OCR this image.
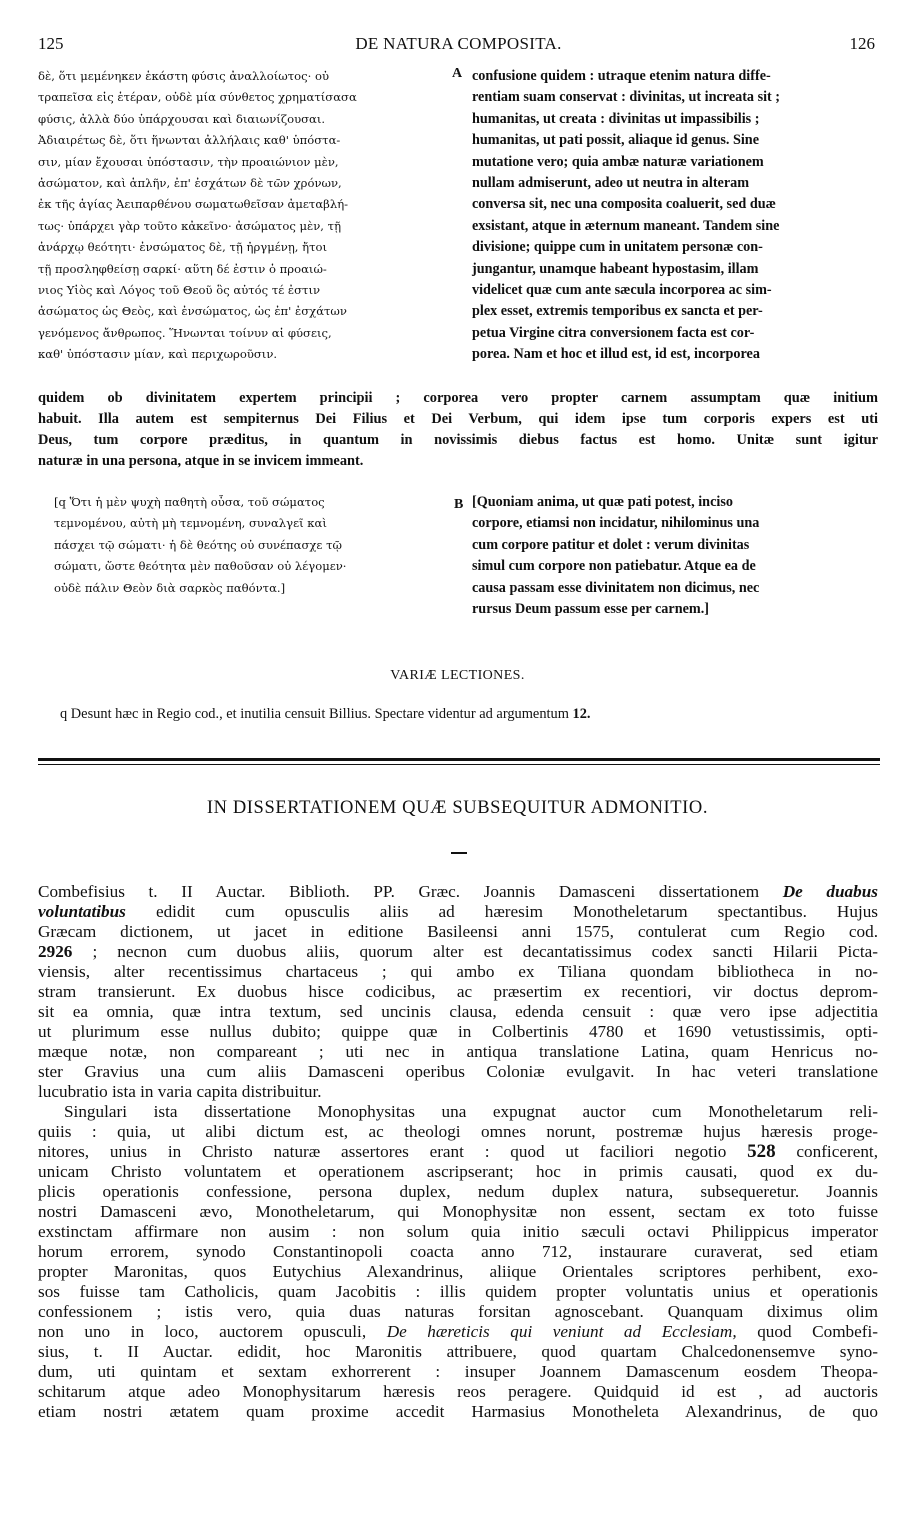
125	DE NATURA COMPOSITA.	126
δὲ, ὅτι μεμένηκεν ἑκάστη φύσις ἀναλλοίωτος· οὐ
τραπεῖσα εἰς ἑτέραν, οὐδὲ μία σύνθετος χρηματίσασα
φύσις, ἀλλὰ δύο ὑπάρχουσαι καὶ διαιωνίζουσαι.
Ἀδιαιρέτως δὲ, ὅτι ἥνωνται ἀλλήλαις καθ' ὑπόστα-
σιν, μίαν ἔχουσαι ὑπόστασιν, τὴν προαιώνιον μὲν,
ἀσώματον, καὶ ἁπλῆν, ἐπ' ἐσχάτων δὲ τῶν χρόνων,
ἐκ τῆς ἁγίας Ἀειπαρθένου σωματωθεῖσαν ἀμεταβλή-
τως· ὑπάρχει γὰρ τοῦτο κἀκεῖνο· ἀσώματος μὲν, τῇ
ἀνάρχῳ θεότητι· ἐνσώματος δὲ, τῇ ἠργμένῃ, ἤτοι
τῇ προσληφθείσῃ σαρκί· αὕτη δέ ἐστιν ὁ προαιώ-
νιος Υἱὸς καὶ Λόγος τοῦ Θεοῦ ὃς αὐτός τέ ἐστιν
ἀσώματος ὡς Θεὸς, καὶ ἐνσώματος, ὡς ἐπ' ἐσχάτων
γενόμενος ἄνθρωπος. Ἥνωνται τοίνυν αἱ φύσεις,
καθ' ὑπόστασιν μίαν, καὶ περιχωροῦσιν.
A confusione quidem : utraque etenim natura diffe-
rentiam suam conservat : divinitas, ut increata sit ;
humanitas, ut creata : divinitas ut impassibilis ;
humanitas, ut pati possit, aliaque id genus. Sine
mutatione vero; quia ambæ naturæ variationem
nullam admiserunt, adeo ut neutra in alteram
conversa sit, nec una composita coaluerit, sed duæ
exsistant, atque in æternum maneant. Tandem sine
divisione; quippe cum in unitatem personæ con-
jungantur, unamque habeant hypostasim, illam
videlicet quæ cum ante sæcula incorporea ac sim-
plex esset, extremis temporibus ex sancta et per-
petua Virgine citra conversionem facta est cor-
porea. Nam et hoc et illud est, id est, incorporea
quidem ob divinitatem expertem principii ; corporea vero propter carnem assumptam quæ initium
habuit. Illa autem est sempiternus Dei Filius et Dei Verbum, qui idem ipse tum corporis expers est uti
Deus, tum corpore præditus, in quantum in novissimis diebus factus est homo. Unitæ sunt igitur
naturæ in una persona, atque in se invicem immeant.
[q Ὅτι ἡ μὲν ψυχὴ παθητὴ οὖσα, τοῦ σώματος
τεμνομένου, αὐτὴ μὴ τεμνομένη, συναλγεῖ καὶ
πάσχει τῷ σώματι· ἡ δὲ θεότης οὐ συνέπασχε τῷ
σώματι, ὥστε θεότητα μὲν παθοῦσαν οὐ λέγομεν·
οὐδὲ πάλιν Θεὸν διὰ σαρκὸς παθόντα.]
B [Quoniam anima, ut quæ pati potest, inciso
corpore, etiamsi non incidatur, nihilominus una
cum corpore patitur et dolet : verum divinitas
simul cum corpore non patiebatur. Atque ea de
causa passam esse divinitatem non dicimus, nec
rursus Deum passum esse per carnem.]
VARIÆ LECTIONES.
q Desunt hæc in Regio cod., et inutilia censuit Billius. Spectare videntur ad argumentum 12.
IN DISSERTATIONEM QUÆ SUBSEQUITUR ADMONITIO.
Combefisius t. II Auctar. Biblioth. PP. Græc. Joannis Damasceni dissertationem De duabus
voluntatibus edidit cum opusculis aliis ad hæresim Monotheletarum spectantibus. Hujus
Græcam dictionem, ut jacet in editione Basileensi anni 1575, contulerat cum Regio cod.
2926 ; necnon cum duobus aliis, quorum alter est decantatissimus codex sancti Hilarii Picta-
viensis, alter recentissimus chartaceus ; qui ambo ex Tiliana quondam bibliotheca in no-
stram transierunt. Ex duobus hisce codicibus, ac præsertim ex recentiori, vir doctus deprom-
sit ea omnia, quæ intra textum, sed uncinis clausa, edenda censuit : quæ vero ipse adjectitia
ut plurimum esse nullus dubito; quippe quæ in Colbertinis 4780 et 1690 vetustissimis, opti-
mæque notæ, non compareant ; uti nec in antiqua translatione Latina, quam Henricus no-
ster Gravius una cum aliis Damasceni operibus Coloniæ evulgavit. In hac veteri translatione
lucubratio ista in varia capita distribuitur.
Singulari ista dissertatione Monophysitas una expugnat auctor cum Monotheletarum reli-
quiis : quia, ut alibi dictum est, ac theologi omnes norunt, postremæ hujus hæresis proge-
nitores, unius in Christo naturæ assertores erant : quod ut faciliori negotio 528 conficerent,
unicam Christo voluntatem et operationem ascripserant; hoc in primis causati, quod ex du-
plicis operationis confessione, persona duplex, nedum duplex natura, subsequeretur. Joannis
nostri Damasceni ævo, Monotheletarum, qui Monophysitæ non essent, sectam ex toto fuisse
exstinctam affirmare non ausim : non solum quia initio sæculi octavi Philippicus imperator
horum errorem, synodo Constantinopoli coacta anno 712, instaurare curaverat, sed etiam
propter Maronitas, quos Eutychius Alexandrinus, aliique Orientales scriptores perhibent, exo-
sos fuisse tam Catholicis, quam Jacobitis : illis quidem propter voluntatis unius et operationis
confessionem ; istis vero, quia duas naturas forsitan agnoscebant. Quanquam diximus olim
non uno in loco, auctorem opusculi, De hæreticis qui veniunt ad Ecclesiam, quod Combefi-
sius, t. II Auctar. edidit, hoc Maronitis attribuere, quod quartam Chalcedonensemve syno-
dum, uti quintam et sextam exhorrerent : insuper Joannem Damascenum eosdem Theopa-
schitarum atque adeo Monophysitarum hæresis reos peragere. Quidquid id est , ad auctoris
etiam nostri ætatem quam proxime accedit Harmasius Monotheleta Alexandrinus, de quo
